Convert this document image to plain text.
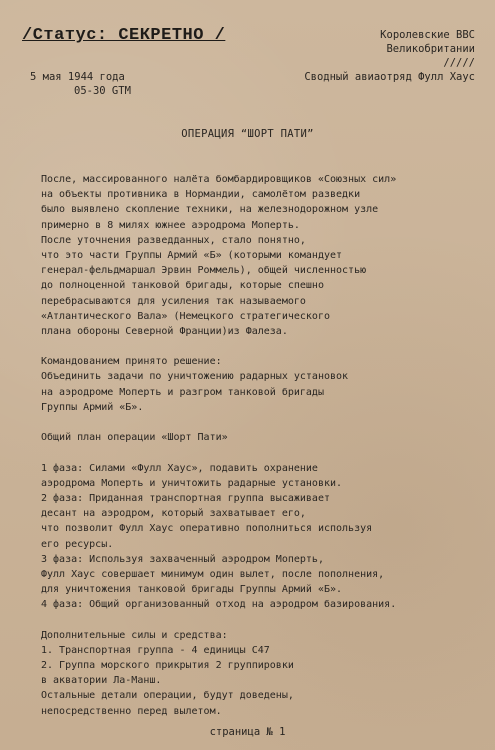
/Статус: СЕКРЕТНО /	Королевские ВВС
Великобритании
/////
Сводный авиаотряд Фулл Хаус
5 мая 1944 года
05-30 GTM
ОПЕРАЦИЯ “ШОРТ ПАТИ”
После, массированного налёта бомбардировщиков «Союзных сил»
на объекты противника в Нормандии, самолётом разведки
было выявлено скопление техники, на железнодорожном узле
примерно в 8 милях южнее аэродрома Моперть.
После уточнения разведданных, стало понятно,
что это части Группы Армий «Б» (которыми командует
генерал-фельдмаршал Эрвин Роммель), общей численностью
до полноценной танковой бригады, которые спешно
перебрасываются для усиления так называемого
«Атлантического Вала» (Немецкого стратегического
плана обороны Северной Франции)из Фалеза.
Командованием принято решение:
Объединить задачи по уничтожению радарных установок
на аэродроме Моперть и разгром танковой бригады
Группы Армий «Б».
Общий план операции «Шорт Пати»
1 фаза: Силами «Фулл Хаус», подавить охранение
аэродрома Моперть и уничтожить радарные установки.
2 фаза: Приданная транспортная группа высаживает
десант на аэродром, который захватывает его,
что позволит Фулл Хаус оперативно пополниться используя
его ресурсы.
3 фаза: Используя захваченный аэродром Моперть,
Фулл Хаус совершает минимум один вылет, после пополнения,
для уничтожения танковой бригады Группы Армий «Б».
4 фаза: Общий организованный отход на аэродром базирования.
Дополнительные силы и средства:
1. Транспортная группа - 4 единицы С47
2. Группа морского прикрытия 2 группировки
в акватории Ла-Манш.
Остальные детали операции, будут доведены,
непосредственно перед вылетом.
страница № 1
